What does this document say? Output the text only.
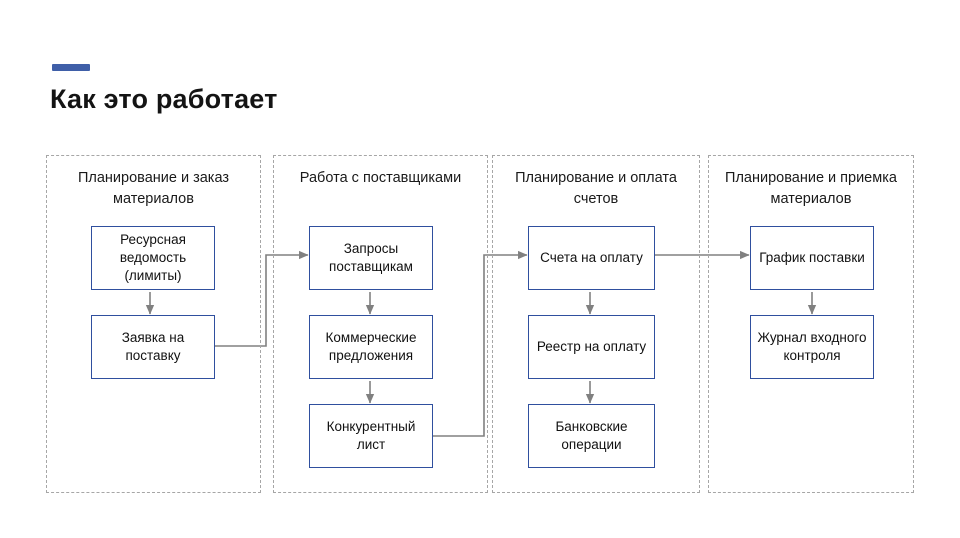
Как это работает
Планирование и заказ материалов
Ресурсная ведомость (лимиты)
Заявка на поставку
Работа с поставщиками
Запросы поставщикам
Коммерческие предложения
Конкурентный лист
Планирование и оплата счетов
Счета на оплату
Реестр на оплату
Банковские операции
Планирование и приемка материалов
График поставки
Журнал входного контроля
